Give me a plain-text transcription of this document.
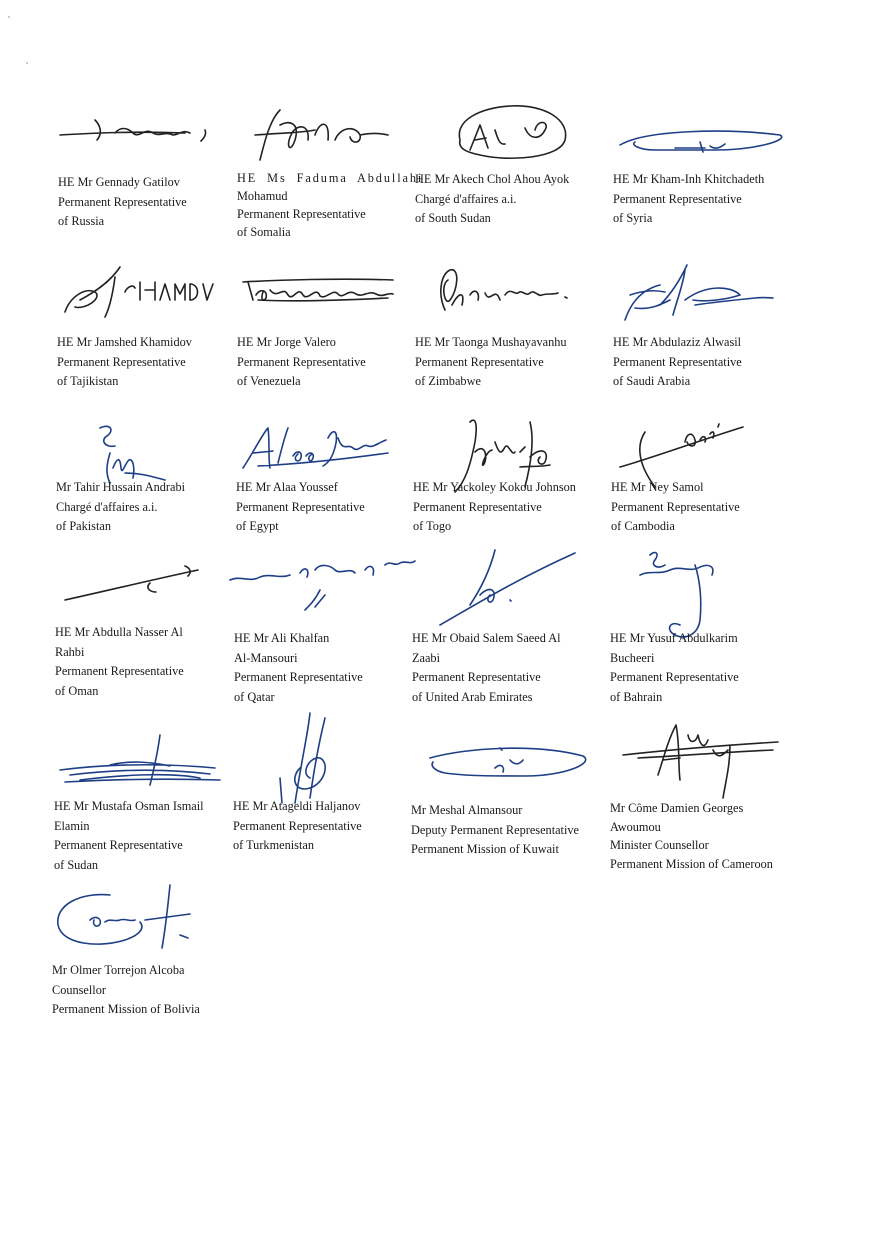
HE Mr Gennady Gatilov
Permanent Representative
of Russia
HE Ms Faduma Abdullahi
Mohamud
Permanent Representative
of Somalia
HE Mr Akech Chol Ahou Ayok
Chargé d'affaires a.i.
of South Sudan
HE Mr Kham-Inh Khitchadeth
Permanent Representative
of Syria
HE Mr Jamshed Khamidov
Permanent Representative
of Tajikistan
HE Mr Jorge Valero
Permanent Representative
of Venezuela
HE Mr Taonga Mushayavanhu
Permanent Representative
of Zimbabwe
HE Mr Abdulaziz Alwasil
Permanent Representative
of Saudi Arabia
Mr Tahir Hussain Andrabi
Chargé d'affaires a.i.
of Pakistan
HE Mr Alaa Youssef
Permanent Representative
of Egypt
HE Mr Yackoley Kokou Johnson
Permanent Representative
of Togo
HE Mr Ney Samol
Permanent Representative
of Cambodia
HE Mr Abdulla Nasser Al
Rahbi
Permanent Representative
of Oman
HE Mr Ali Khalfan
Al-Mansouri
Permanent Representative
of Qatar
HE Mr Obaid Salem Saeed Al
Zaabi
Permanent Representative
of United Arab Emirates
HE Mr Yusuf Abdulkarim
Bucheeri
Permanent Representative
of Bahrain
HE Mr Mustafa Osman Ismail
Elamin
Permanent Representative
of Sudan
HE Mr Atageldi Haljanov
Permanent Representative
of Turkmenistan
Mr Meshal Almansour
Deputy Permanent Representative
Permanent Mission of Kuwait
Mr Côme Damien Georges
Awoumou
Minister Counsellor
Permanent Mission of Cameroon
Mr Olmer Torrejon Alcoba
Counsellor
Permanent Mission of Bolivia
